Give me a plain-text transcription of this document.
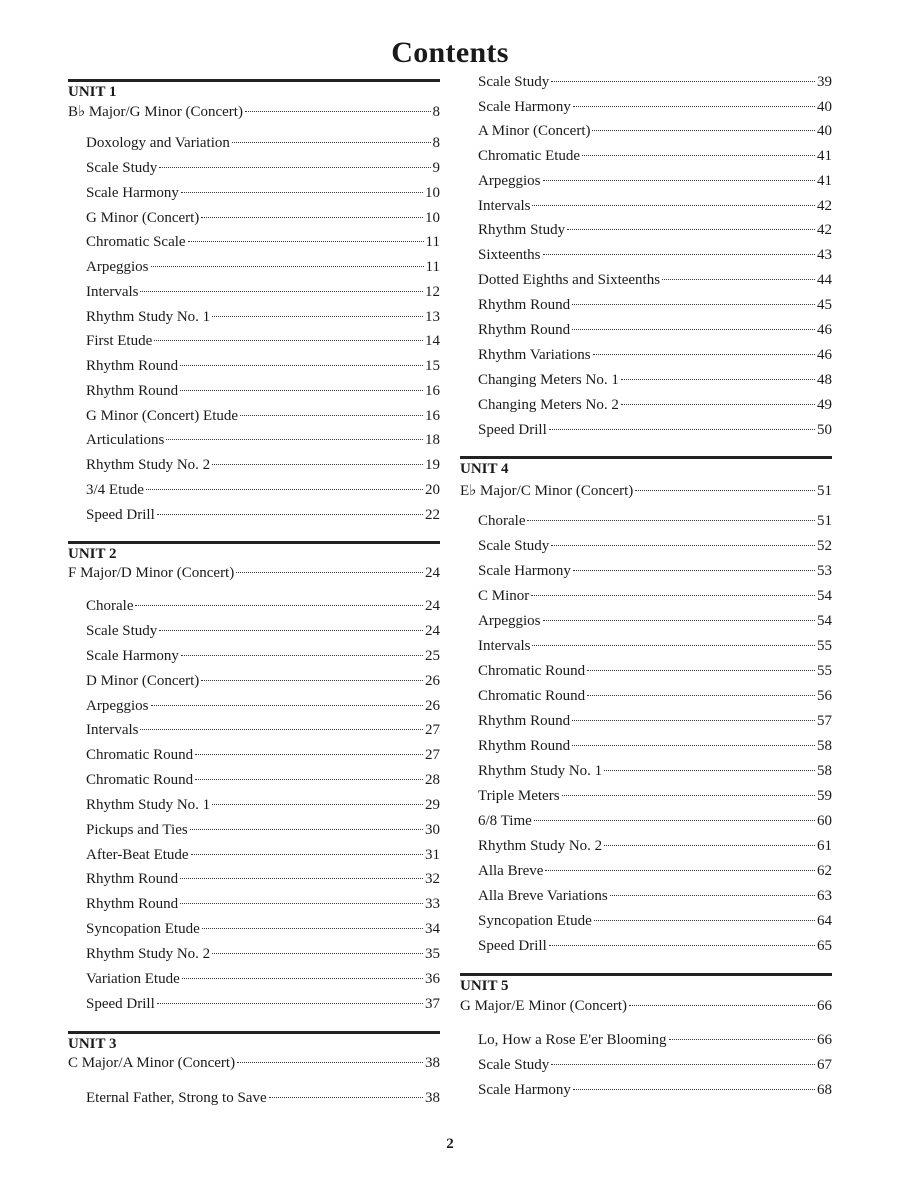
Contents
UNIT 1
B♭ Major/G Minor (Concert)	8
Doxology and Variation	8
Scale Study	9
Scale Harmony	10
G Minor (Concert)	10
Chromatic Scale	11
Arpeggios	11
Intervals	12
Rhythm Study No. 1	13
First Etude	14
Rhythm Round	15
Rhythm Round	16
G Minor (Concert) Etude	16
Articulations	18
Rhythm Study No. 2	19
3/4 Etude	20
Speed Drill	22
UNIT 2
F Major/D Minor (Concert)	24
Chorale	24
Scale Study	24
Scale Harmony	25
D Minor (Concert)	26
Arpeggios	26
Intervals	27
Chromatic Round	27
Chromatic Round	28
Rhythm Study No. 1	29
Pickups and Ties	30
After-Beat Etude	31
Rhythm Round	32
Rhythm Round	33
Syncopation Etude	34
Rhythm Study No. 2	35
Variation Etude	36
Speed Drill	37
UNIT 3
C Major/A Minor (Concert)	38
Eternal Father, Strong to Save	38
Scale Study	39
Scale Harmony	40
A Minor (Concert)	40
Chromatic Etude	41
Arpeggios	41
Intervals	42
Rhythm Study	42
Sixteenths	43
Dotted Eighths and Sixteenths	44
Rhythm Round	45
Rhythm Round	46
Rhythm Variations	46
Changing Meters No. 1	48
Changing Meters No. 2	49
Speed Drill	50
UNIT 4
E♭ Major/C Minor (Concert)	51
Chorale	51
Scale Study	52
Scale Harmony	53
C Minor	54
Arpeggios	54
Intervals	55
Chromatic Round	55
Chromatic Round	56
Rhythm Round	57
Rhythm Round	58
Rhythm Study No. 1	58
Triple Meters	59
6/8 Time	60
Rhythm Study No. 2	61
Alla Breve	62
Alla Breve Variations	63
Syncopation Etude	64
Speed Drill	65
UNIT 5
G Major/E Minor (Concert)	66
Lo, How a Rose E'er Blooming	66
Scale Study	67
Scale Harmony	68
2
